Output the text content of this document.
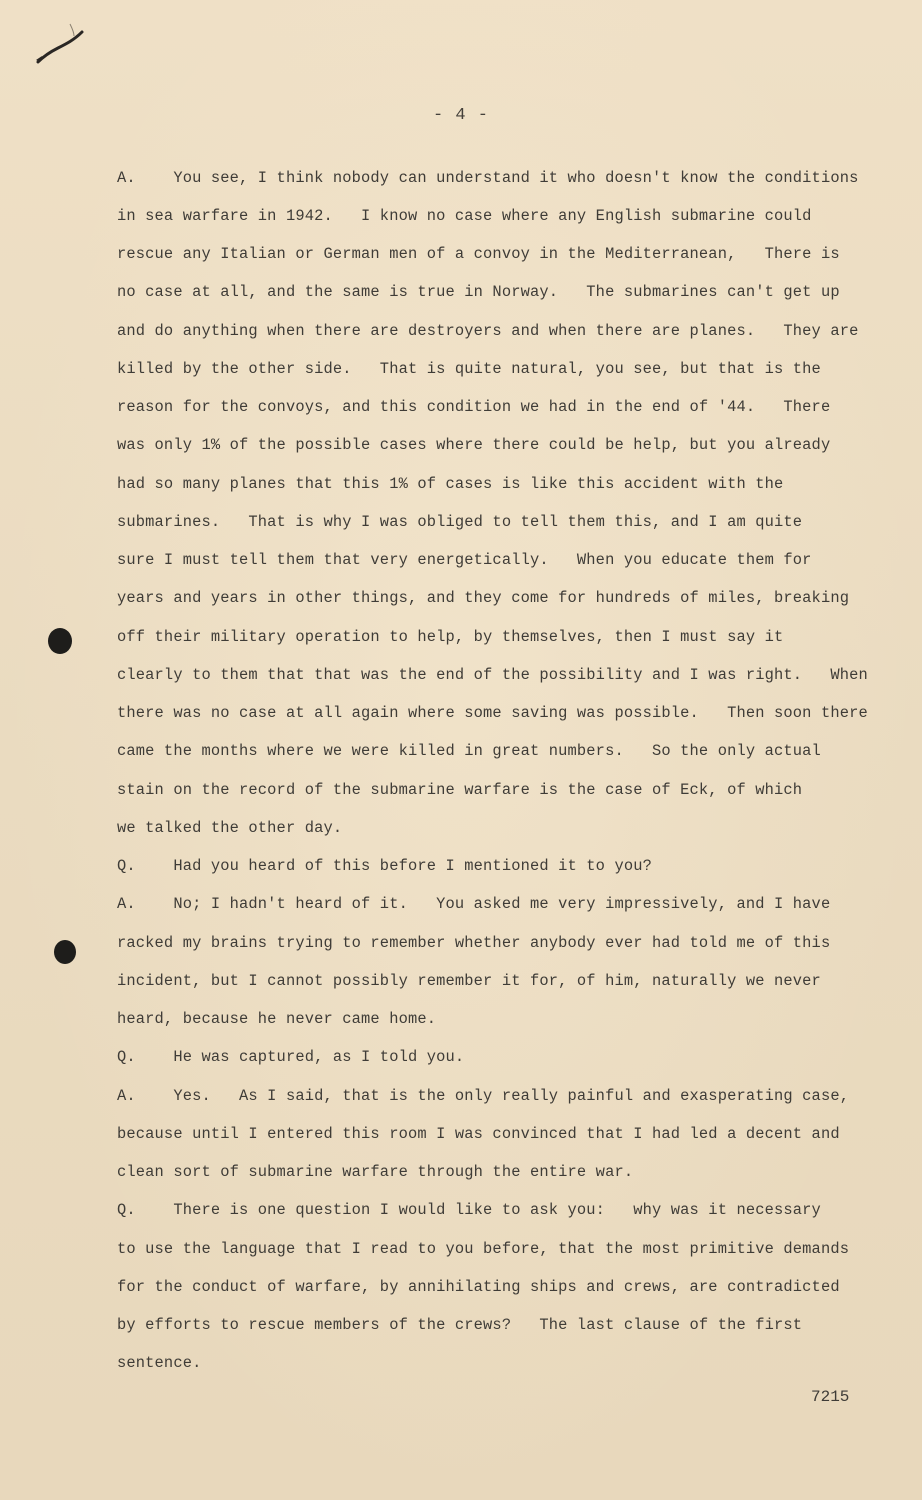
- 4 -
A.    You see, I think nobody can understand it who doesn't know the conditions
in sea warfare in 1942.   I know no case where any English submarine could
rescue any Italian or German men of a convoy in the Mediterranean,   There is
no case at all, and the same is true in Norway.   The submarines can't get up
and do anything when there are destroyers and when there are planes.   They are
killed by the other side.   That is quite natural, you see, but that is the
reason for the convoys, and this condition we had in the end of '44.   There
was only 1% of the possible cases where there could be help, but you already
had so many planes that this 1% of cases is like this accident with the
submarines.   That is why I was obliged to tell them this, and I am quite
sure I must tell them that very energetically.   When you educate them for
years and years in other things, and they come for hundreds of miles, breaking
off their military operation to help, by themselves, then I must say it
clearly to them that that was the end of the possibility and I was right.   When
there was no case at all again where some saving was possible.   Then soon there
came the months where we were killed in great numbers.   So the only actual
stain on the record of the submarine warfare is the case of Eck, of which
we talked the other day.
Q.    Had you heard of this before I mentioned it to you?
A.    No; I hadn't heard of it.   You asked me very impressively, and I have
racked my brains trying to remember whether anybody ever had told me of this
incident, but I cannot possibly remember it for, of him, naturally we never
heard, because he never came home.
Q.    He was captured, as I told you.
A.    Yes.   As I said, that is the only really painful and exasperating case,
because until I entered this room I was convinced that I had led a decent and
clean sort of submarine warfare through the entire war.
Q.    There is one question I would like to ask you:   why was it necessary
to use the language that I read to you before, that the most primitive demands
for the conduct of warfare, by annihilating ships and crews, are contradicted
by efforts to rescue members of the crews?   The last clause of the first
sentence.
7215
